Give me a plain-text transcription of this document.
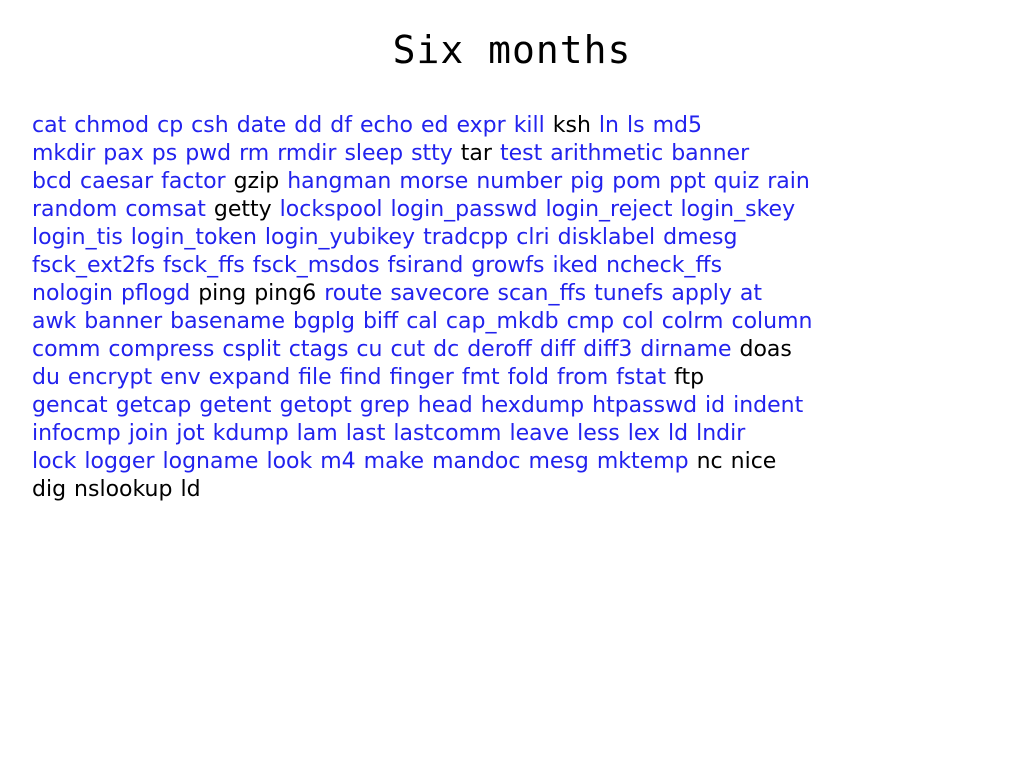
Six months
cat chmod cp csh date dd df echo ed expr kill ksh ln ls md5
mkdir pax ps pwd rm rmdir sleep stty tar test arithmetic banner
bcd caesar factor gzip hangman morse number pig pom ppt quiz rain
random comsat getty lockspool login_passwd login_reject login_skey
login_tis login_token login_yubikey tradcpp clri disklabel dmesg
fsck_ext2fs fsck_ffs fsck_msdos fsirand growfs iked ncheck_ffs
nologin pflogd ping ping6 route savecore scan_ffs tunefs apply at
awk banner basename bgplg biff cal cap_mkdb cmp col colrm column
comm compress csplit ctags cu cut dc deroff diff diff3 dirname doas
du encrypt env expand file find finger fmt fold from fstat ftp
gencat getcap getent getopt grep head hexdump htpasswd id indent
infocmp join jot kdump lam last lastcomm leave less lex ld lndir
lock logger logname look m4 make mandoc mesg mktemp nc nice
dig nslookup ld
